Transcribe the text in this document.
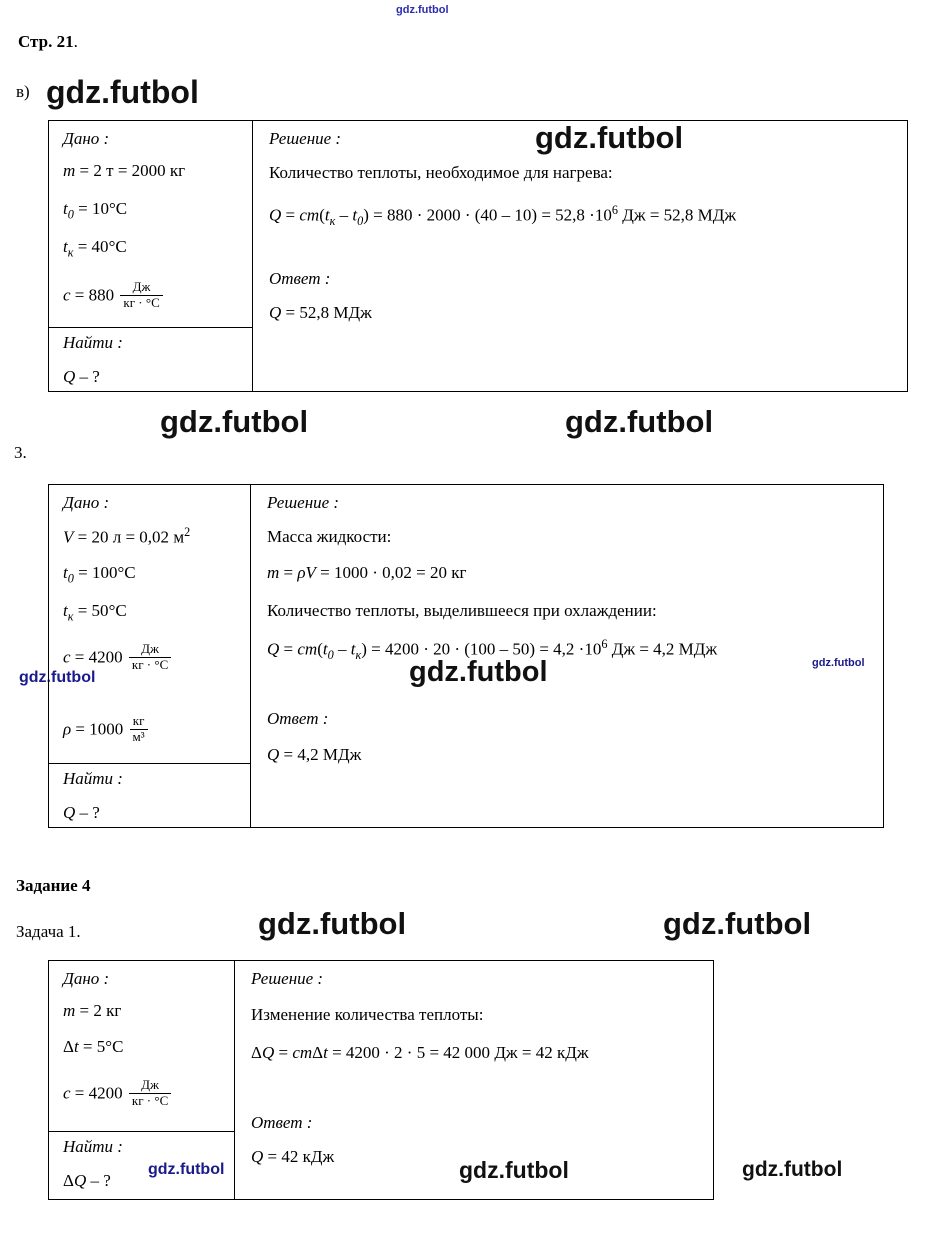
gdz.futbol
gdz.futbol
gdz.futbol
gdz.futbol	gdz.futbol
gdz.futbol	gdz.futbol	gdz.futbol
gdz.futbol	gdz.futbol
gdz.futbol	gdz.futbol	gdz.futbol
Стр. 21.
в)
Дано :
m = 2 т = 2000 кг
$t_0 = 10^\circ С$
$t_к = 40^\circ С$
$c = 880 \frac{Дж}{кг \cdot ^\circ С}$
Найти :
Q – ?
Решение :
Количество теплоты, необходимое для нагрева:
$Q = cm(t_к - t_0) = 880 \cdot 2000 \cdot (40 - 10) = 52,8 \cdot 10^6$ Дж = 52,8 МДж
Ответ :
Q = 52,8 МДж
3.
Дано :
V = 20 л = 0,02 $м^2$
$t_0 = 100^\circ С$
$t_к = 50^\circ С$
$c = 4200 \frac{Дж}{кг \cdot ^\circ С}$
$\rho = 1000 \frac{кг}{\text{м³}}$
Найти :
Q – ?
Решение :
Масса жидкости:
m = ρV = 1000 · 0,02 = 20 кг
Количество теплоты, выделившееся при охлаждении:
$Q = cm(t_0 - t_к) = 4200 \cdot 20 \cdot (100 - 50) = 4,2 \cdot 10^6$ Дж = 4,2 МДж
Ответ :
Q = 4,2 МДж
Задание 4
Задача 1.
Дано :
m = 2 кг
Δt = 5°С
$c = 4200 \frac{Дж}{кг \cdot ^\circ С}$
Найти :
ΔQ – ?
Решение :
Изменение количества теплоты:
ΔQ = cmΔt = 4200 · 2 · 5 = 42 000 Дж = 42 кДж
Ответ :
Q = 42 кДж
